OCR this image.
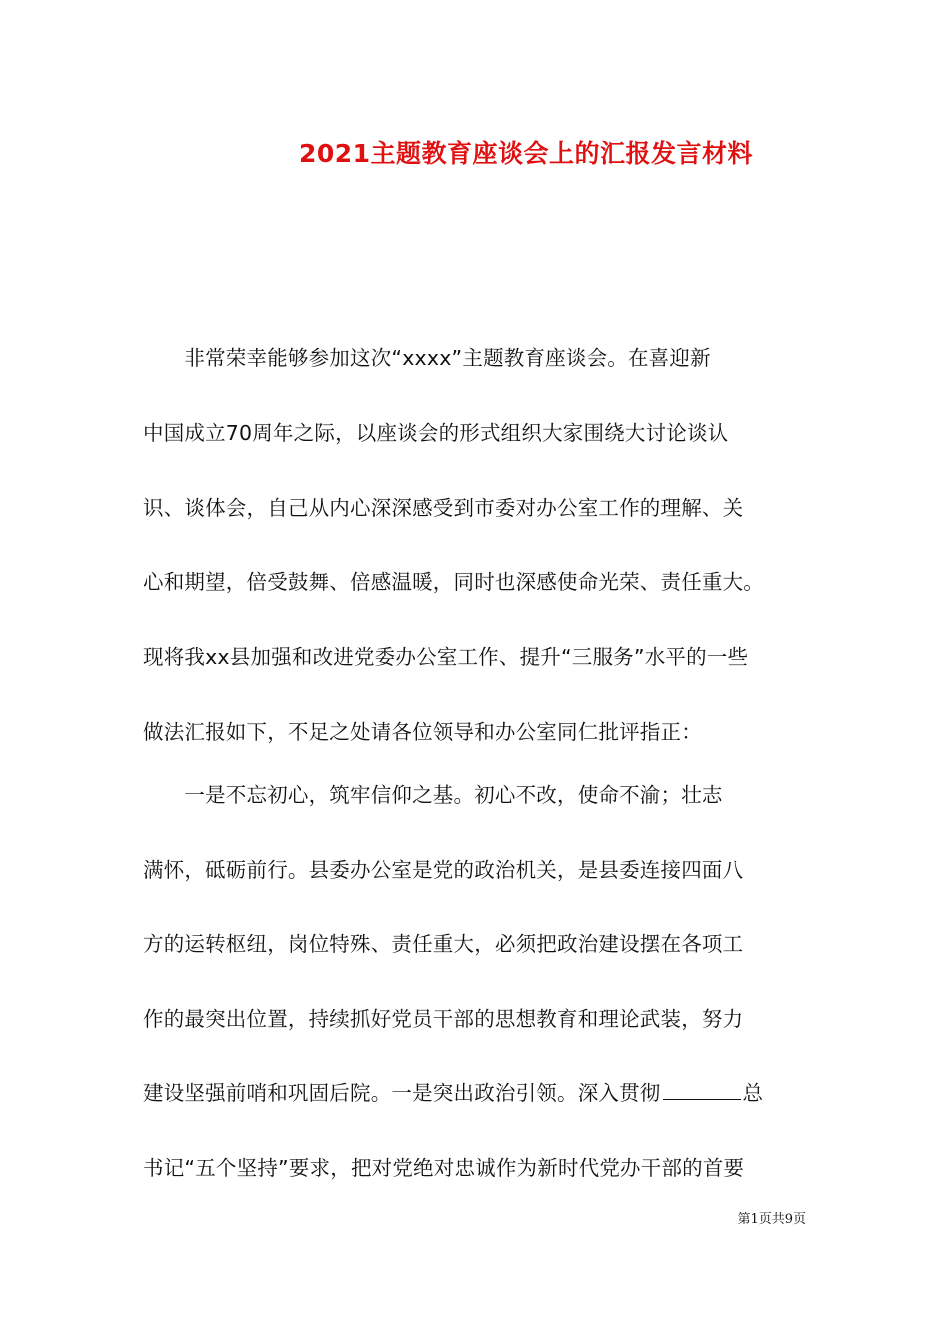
2021主题教育座谈会上的汇报发言材料
　　非常荣幸能够参加这次“xxxx”主题教育座谈会。在喜迎新
中国成立70周年之际，以座谈会的形式组织大家围绕大讨论谈认
识、谈体会，自己从内心深深感受到市委对办公室工作的理解、关
心和期望，倍受鼓舞、倍感温暖，同时也深感使命光荣、责任重大。
现将我xx县加强和改进党委办公室工作、提升“三服务”水平的一些
做法汇报如下，不足之处请各位领导和办公室同仁批评指正：
　　一是不忘初心，筑牢信仰之基。初心不改，使命不渝；壮志
满怀，砥砺前行。县委办公室是党的政治机关，是县委连接四面八
方的运转枢纽，岗位特殊、责任重大，必须把政治建设摆在各项工
作的最突出位置，持续抓好党员干部的思想教育和理论武装，努力
建设坚强前哨和巩固后院。一是突出政治引领。深入贯彻	总
书记“五个坚持”要求，把对党绝对忠诚作为新时代党办干部的首要
第1页共9页
